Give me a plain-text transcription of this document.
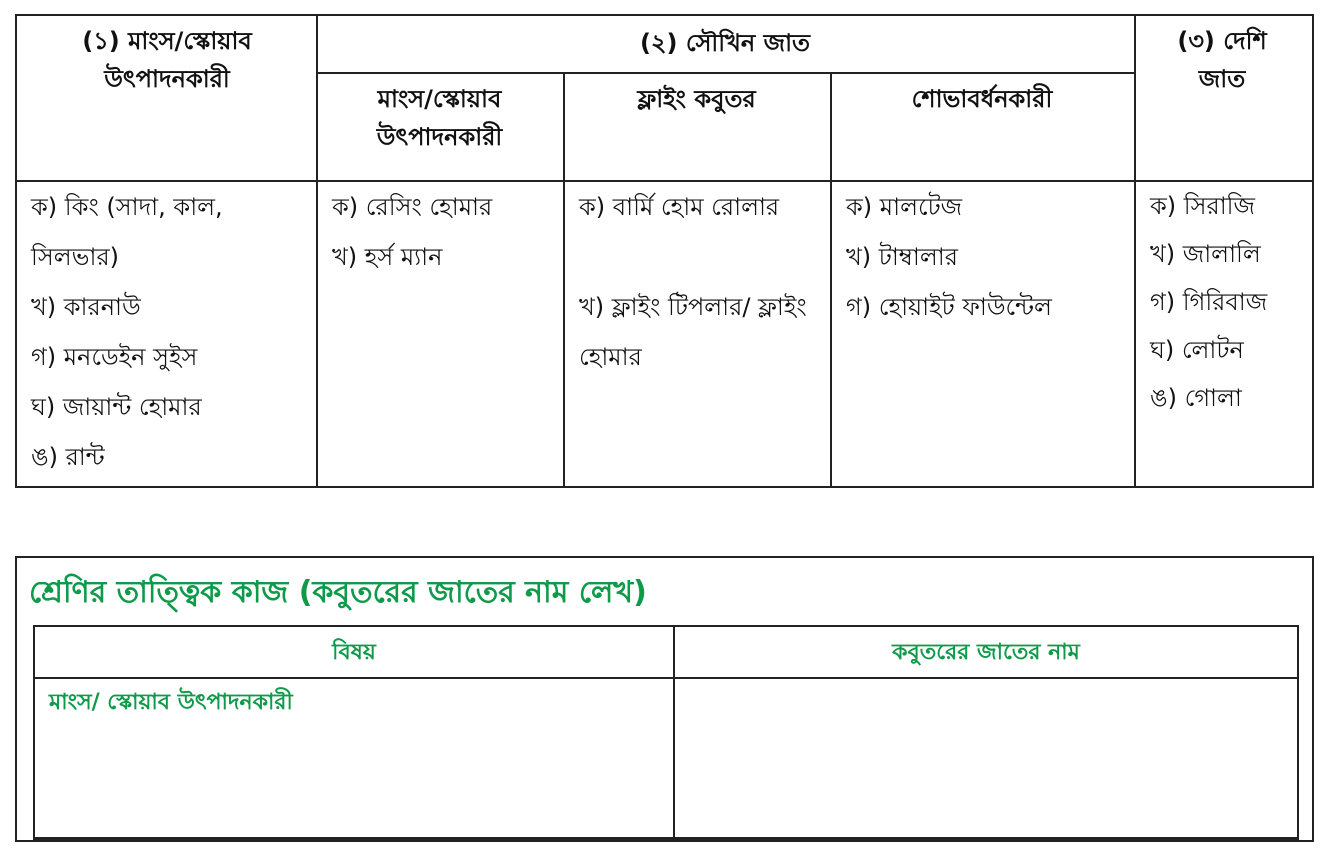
(১) মাংস/স্কোয়াব উৎপাদনকারী
(২) সৌখিন জাত
মাংস/স্কোয়াব উৎপাদনকারী
ফ্লাইং কবুতর	শোভাবর্ধনকারী
(৩) দেশি জাত
ক) কিং (সাদা, কাল, সিলভার)
খ) কারনাউ
গ) মনডেইন সুইস
ঘ) জায়ান্ট হোমার
ঙ) রান্ট
ক) রেসিং হোমার
খ) হর্স ম্যান
ক) বার্মি হোম রোলার
খ) ফ্লাইং টিপলার/ ফ্লাইং হোমার
ক) মালটেজ
খ) টাম্বালার
গ) হোয়াইট ফাউন্টেল
ক) সিরাজি
খ) জালালি
গ) গিরিবাজ
ঘ) লোটন
ঙ) গোলা
শ্রেণির তাত্ত্বিক কাজ (কবুতরের জাতের নাম লেখ)
বিষয়	কবুতরের জাতের নাম
মাংস/ স্কোয়াব উৎপাদনকারী
